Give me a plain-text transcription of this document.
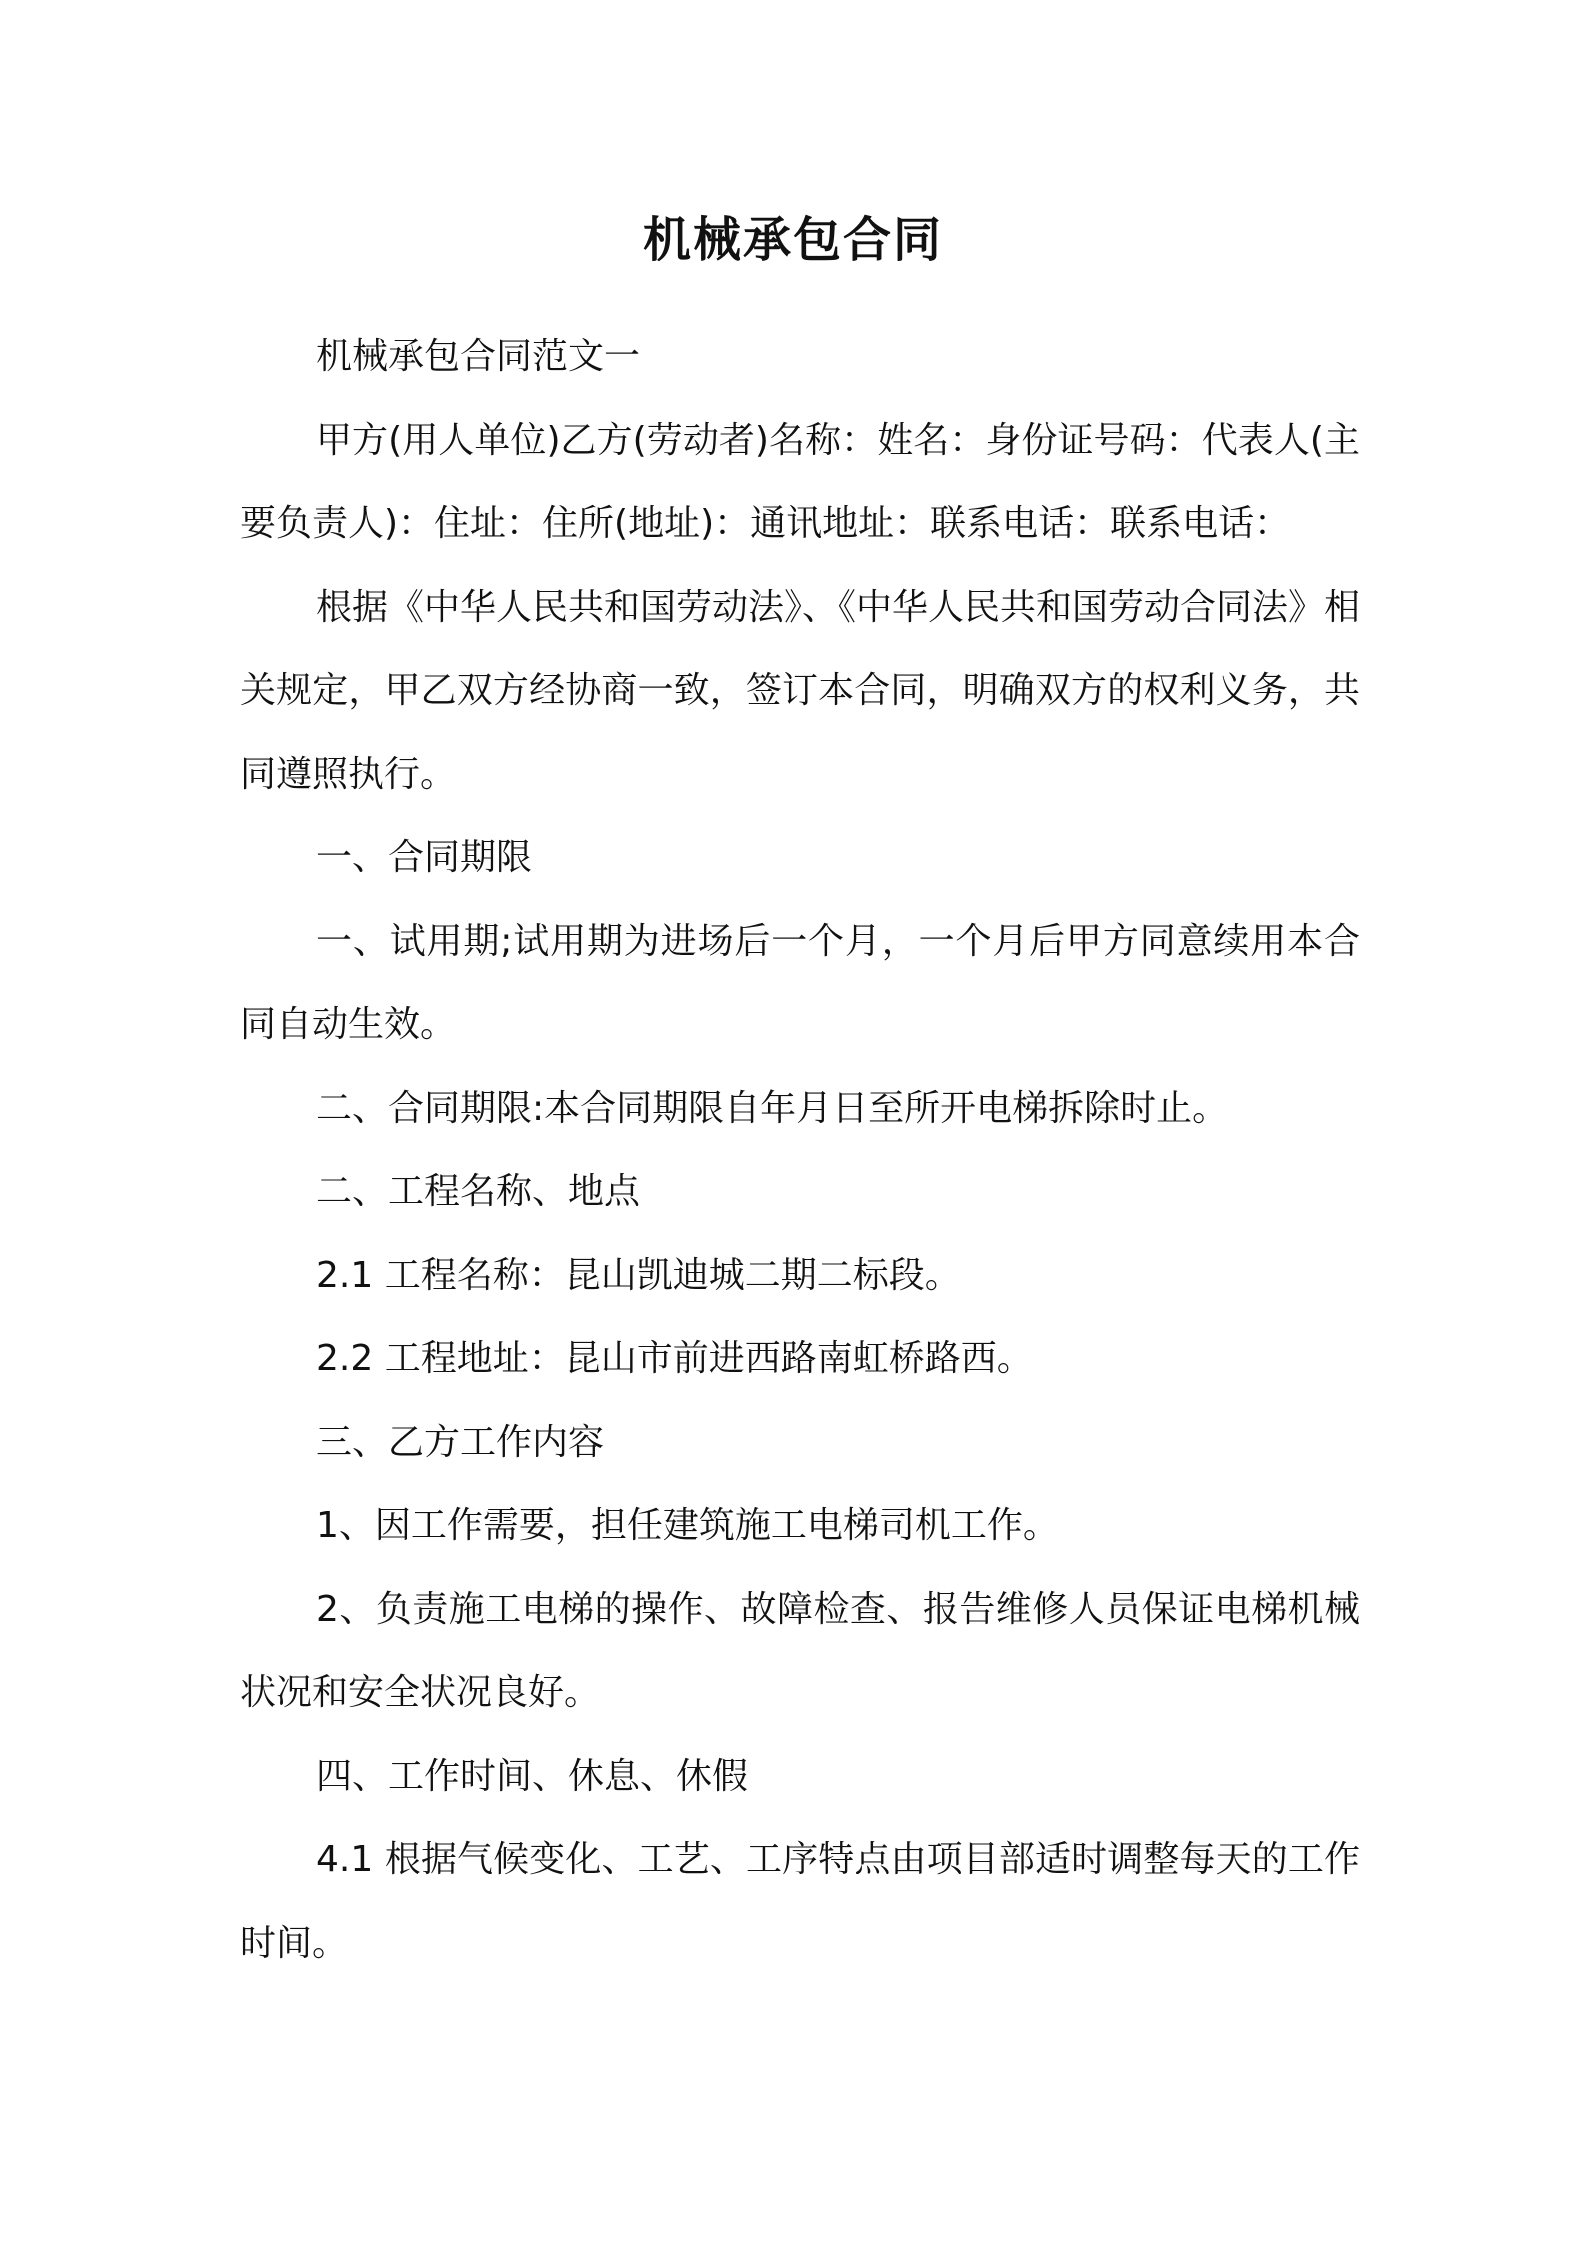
机械承包合同

机械承包合同范文一

甲方(用人单位)乙方(劳动者)名称：姓名：身份证号码：代表人(主要负责人)：住址：住所(地址)：通讯地址：联系电话：联系电话：

根据《中华人民共和国劳动法》、《中华人民共和国劳动合同法》相关规定，甲乙双方经协商一致，签订本合同，明确双方的权利义务，共同遵照执行。

一、合同期限

一、试用期;试用期为进场后一个月，一个月后甲方同意续用本合同自动生效。

二、合同期限:本合同期限自年月日至所开电梯拆除时止。

二、工程名称、地点

2.1 工程名称：昆山凯迪城二期二标段。

2.2 工程地址：昆山市前进西路南虹桥路西。

三、乙方工作内容

1、因工作需要，担任建筑施工电梯司机工作。

2、负责施工电梯的操作、故障检查、报告维修人员保证电梯机械状况和安全状况良好。

四、工作时间、休息、休假

4.1 根据气候变化、工艺、工序特点由项目部适时调整每天的工作时间。
